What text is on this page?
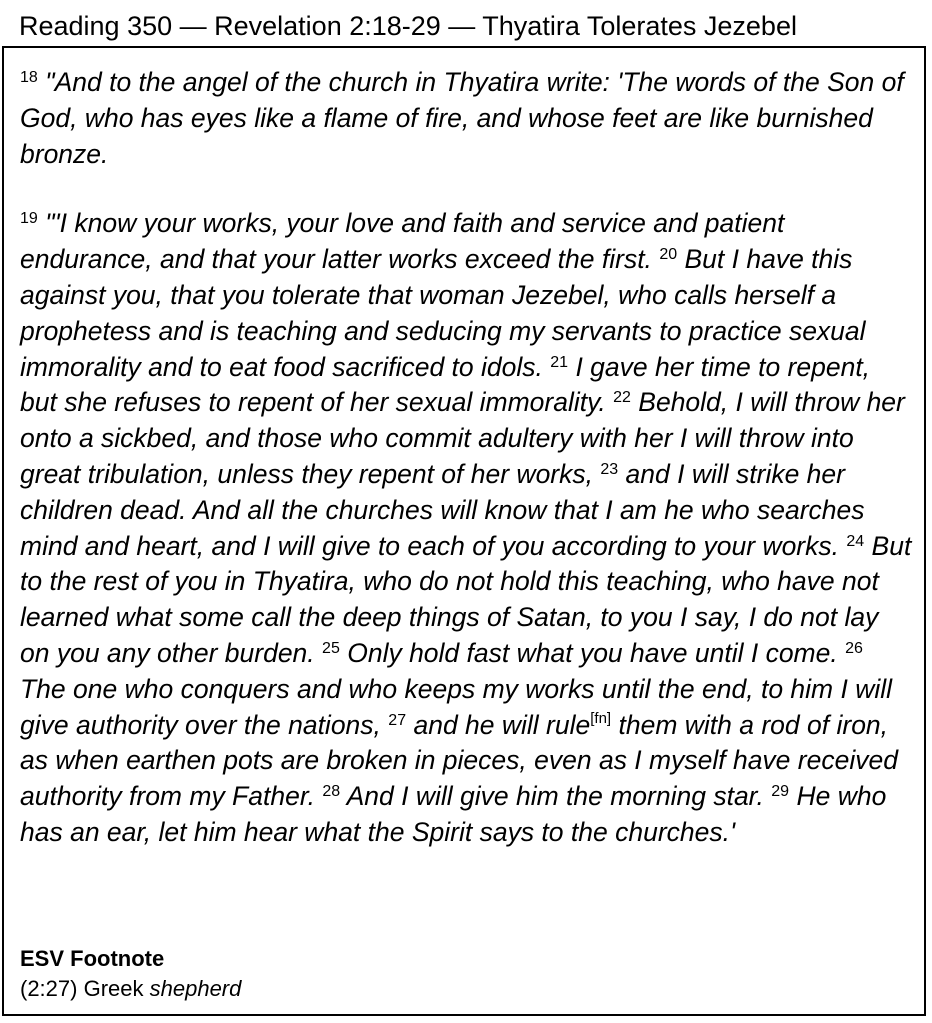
Reading 350 — Revelation 2:18-29 — Thyatira Tolerates Jezebel

$^{18}$ "And to the angel of the church in Thyatira write: 'The words of the Son of God, who has eyes like a flame of fire, and whose feet are like burnished bronze.

$^{19}$ "'I know your works, your love and faith and service and patient endurance, and that your latter works exceed the first. $^{20}$ But I have this against you, that you tolerate that woman Jezebel, who calls herself a prophetess and is teaching and seducing my servants to practice sexual immorality and to eat food sacrificed to idols. $^{21}$ I gave her time to repent, but she refuses to repent of her sexual immorality. $^{22}$ Behold, I will throw her onto a sickbed, and those who commit adultery with her I will throw into great tribulation, unless they repent of her works, $^{23}$ and I will strike her children dead. And all the churches will know that I am he who searches mind and heart, and I will give to each of you according to your works. $^{24}$ But to the rest of you in Thyatira, who do not hold this teaching, who have not learned what some call the deep things of Satan, to you I say, I do not lay on you any other burden. $^{25}$ Only hold fast what you have until I come. $^{26}$ The one who conquers and who keeps my works until the end, to him I will give authority over the nations, $^{27}$ and he will rule[fn] them with a rod of iron, as when earthen pots are broken in pieces, even as I myself have received authority from my Father. $^{28}$ And I will give him the morning star. $^{29}$ He who has an ear, let him hear what the Spirit says to the churches.'

ESV Footnote
(2:27) Greek shepherd
